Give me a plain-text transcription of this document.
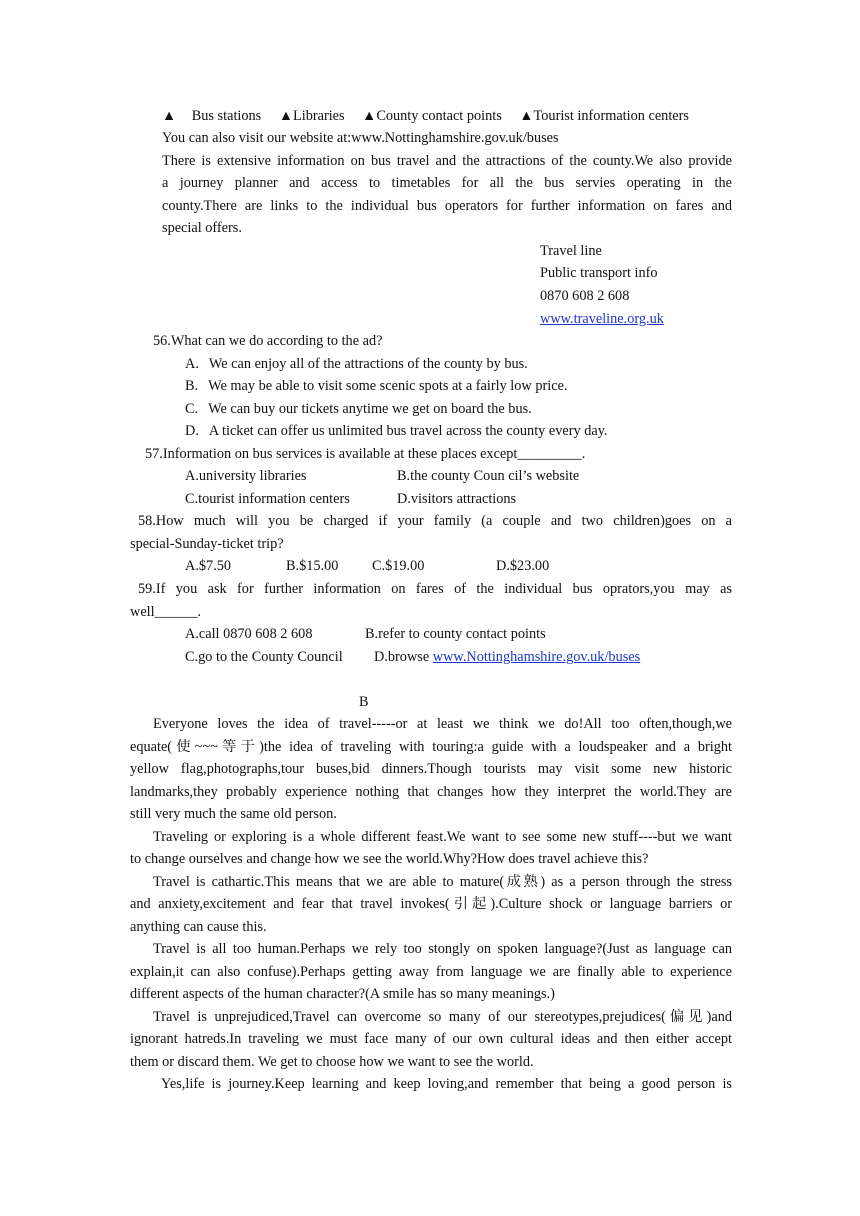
▲ Bus stations ▲Libraries ▲County contact points ▲Tourist information centers
You can also visit our website at:www.Nottinghamshire.gov.uk/buses
There is extensive information on bus travel and the attractions of the county.We also provide
a journey planner and access to timetables for all the bus servies operating in the
county.There are links to the individual bus operators for further information on fares and
special offers.
Travel line
Public transport info
0870 608 2 608
www.traveline.org.uk
56.What can we do according to the ad?
A. We can enjoy all of the attractions of the county by bus.
B. We may be able to visit some scenic spots at a fairly low price.
C. We can buy our tickets anytime we get on board the bus.
D. A ticket can offer us unlimited bus travel across the county every day.
57.Information on bus services is available at these places except_________.
A.university libraries	B.the county Coun cil’s website
C.tourist information centers	D.visitors attractions
58.How much will you be charged if your family (a couple and two children)goes on a
special-Sunday-ticket trip?
A.$7.50	B.$15.00 C.$19.00	D.$23.00
59.If you ask for further information on fares of the individual bus oprators,you may as
well______.
A.call 0870 608 2 608	B.refer to county contact points
C.go to the County Council D.browse www.Nottinghamshire.gov.uk/buses
B
Everyone loves the idea of travel-----or at least we think we do!All too often,though,we
equate(使~~~等于)the idea of traveling with touring:a guide with a loudspeaker and a bright
yellow flag,photographs,tour buses,bid dinners.Though tourists may visit some new historic
landmarks,they probably experience nothing that changes how they interpret the world.They are
still very much the same old person.
Traveling or exploring is a whole different feast.We want to see some new stuff----but we want
to change ourselves and change how we see the world.Why?How does travel achieve this?
Travel is cathartic.This means that we are able to mature(成熟) as a person through the stress
and anxiety,excitement and fear that travel invokes(引起).Culture shock or language barriers or
anything can cause this.
Travel is all too human.Perhaps we rely too stongly on spoken language?(Just as language can
explain,it can also confuse).Perhaps getting away from language we are finally able to experience
different aspects of the human character?(A smile has so many meanings.)
Travel is unprejudiced,Travel can overcome so many of our stereotypes,prejudices(偏见)and
ignorant hatreds.In traveling we must face many of our own cultural ideas and then either accept
them or discard them. We get to choose how we want to see the world.
Yes,life is journey.Keep learning and keep loving,and remember that being a good person is
